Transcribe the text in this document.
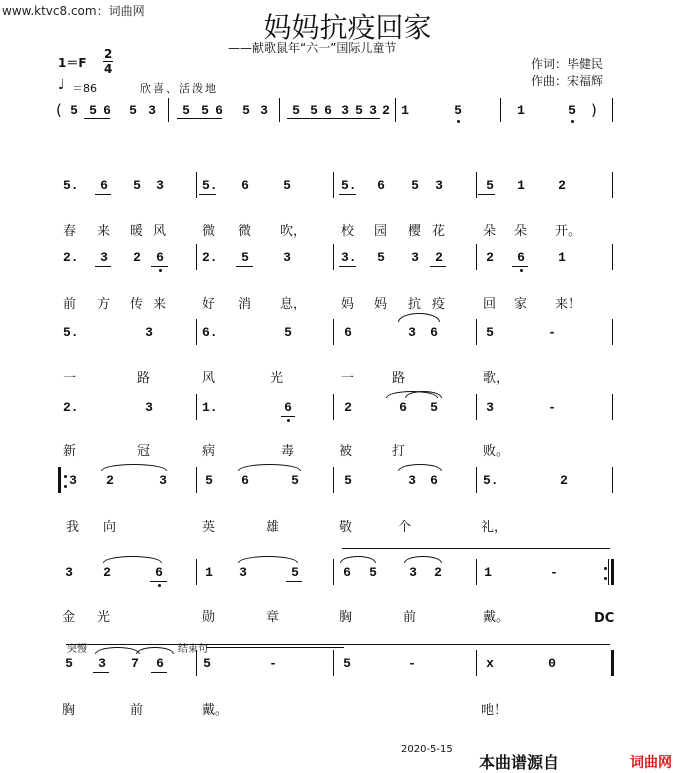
www.ktvc8.com：词曲网	妈妈抗疫回家
——献歌鼠年“六一”国际儿童节
1＝F
2
4	作词：毕健民
作曲：宋福辉
♩ ＝86	欣喜、活泼地
(	)
5 5 6 5 3 5 5 6 5 3 5 5 6 3 5 3 2 1	5	1	5
5. 6 5 3	5. 6	5	5. 6 5 3	5 1	2
春 来 暖 风	微 微 吹，	校 园 樱 花	朵 朵 开。
2. 3 2 6	2. 5	3	3. 5 3 2	2 6	1
前 方 传 来	好 消 息，	妈 妈 抗 疫	回 家 来！
5.	3	6.	5	6	3 6	5	-
一	路	风	光	一	路	歌，
2.	3	1.	6	2	6 5	3	-
新	冠	病	毒	被	打	败。
3 2	3	5 6	5	5	3 6	5.	2
我 向	英	雄	敬	个	礼，
3 2	6	1 3	5	6 5 3 2	1	-
金 光	勋	章	胸	前	戴。
5 3 7 6	5	-	5	-	x	0
胸	前	戴。	吔！
DC
突慢	结束句
2020-5-15
本曲谱源自	词曲网
